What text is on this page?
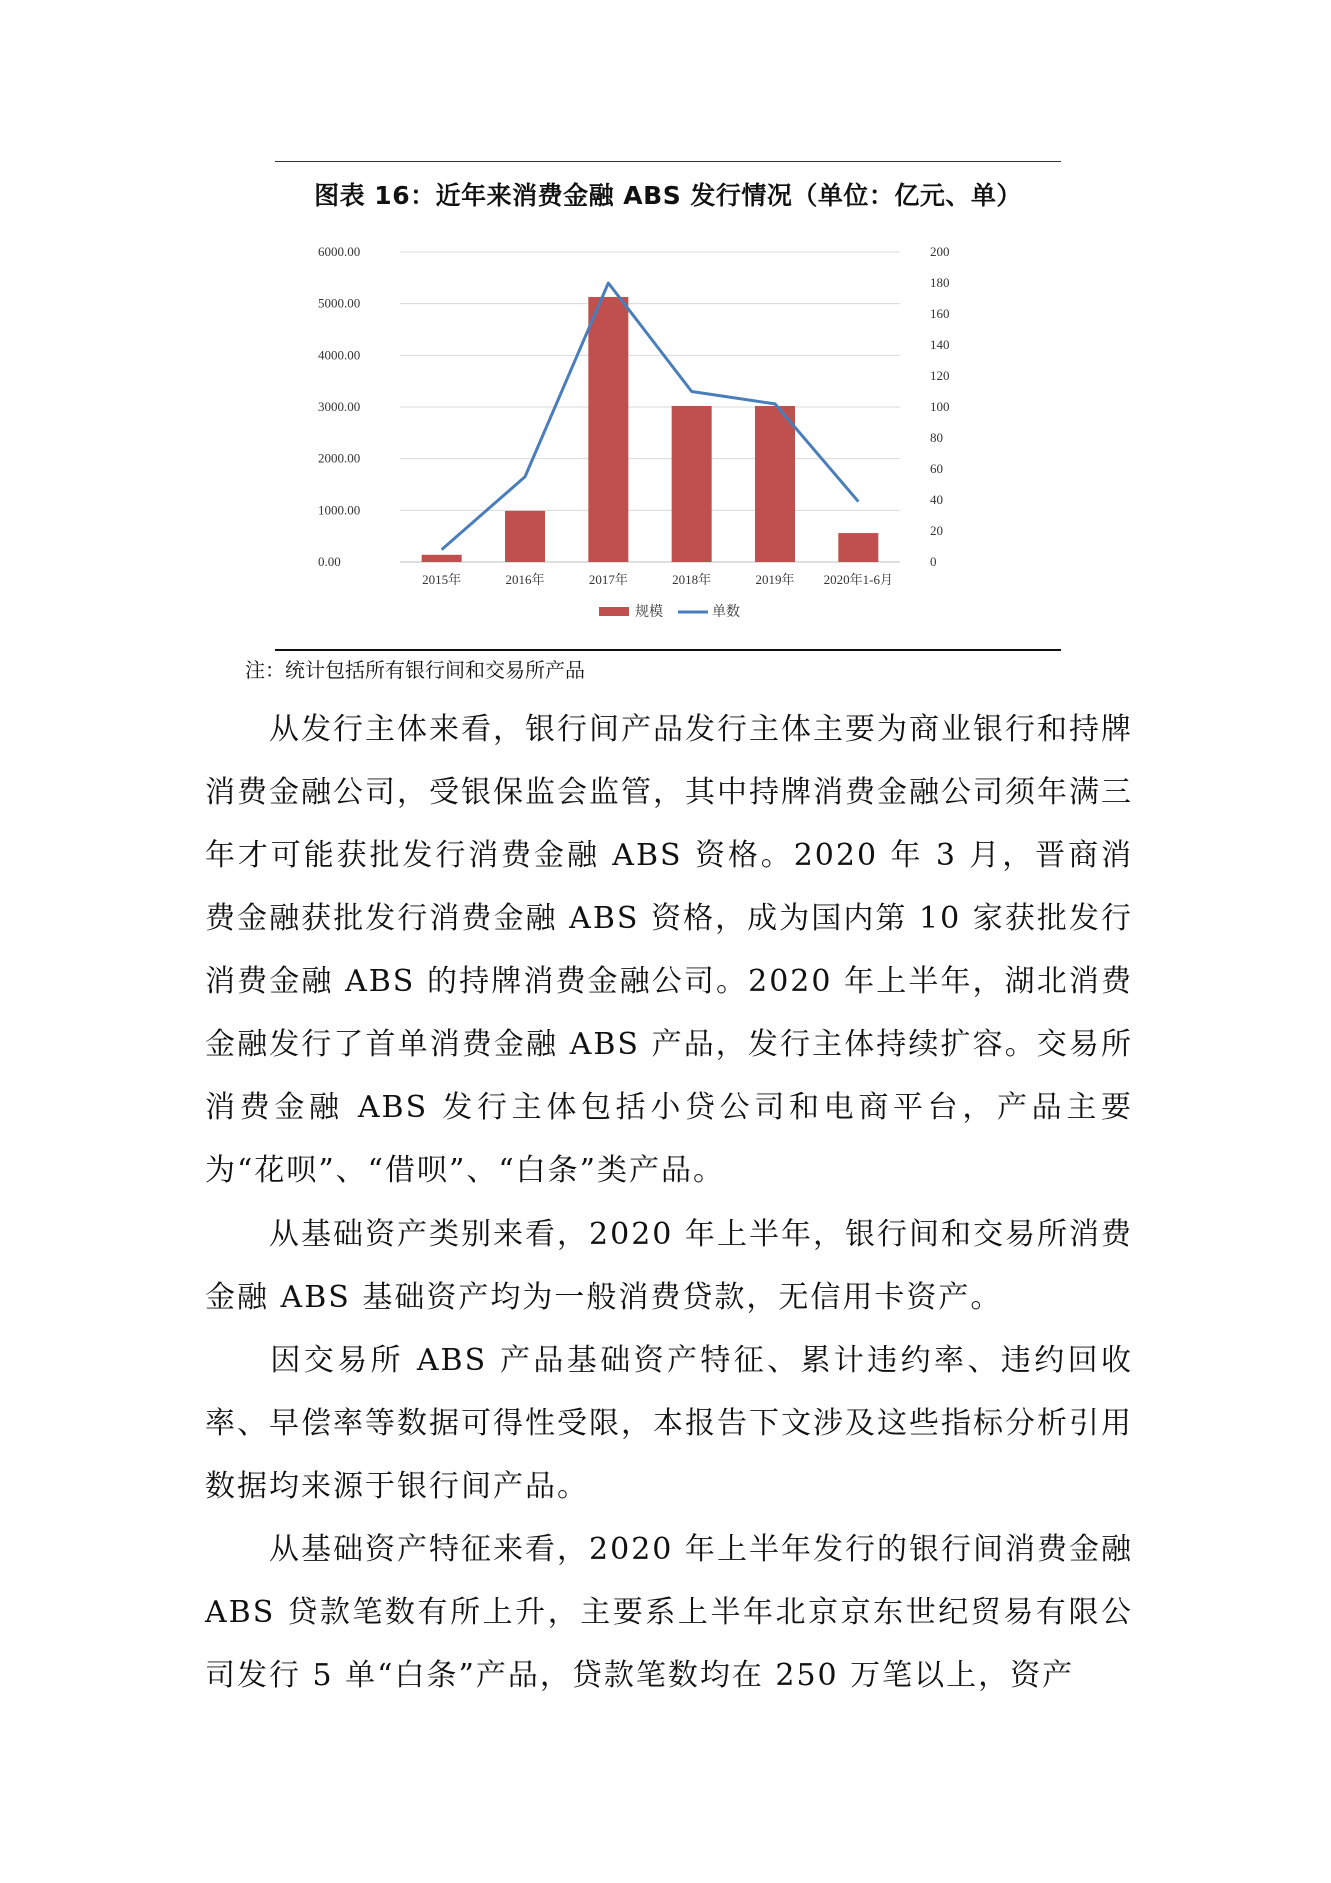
图表 16：近年来消费金融 ABS 发行情况（单位：亿元、单）
0.00
1000.00
2000.00
3000.00
4000.00
5000.00
6000.00
0
20
40
60
80
100
120
140
160
180
200
2015年	2016年	2017年	2018年	2019年 2020年1-6月
规模	单数
注：统计包括所有银行间和交易所产品

从发行主体来看，银行间产品发行主体主要为商业银行和持牌消费金融公司，受银保监会监管，其中持牌消费金融公司须年满三年才可能获批发行消费金融 ABS 资格。2020 年 3 月，晋商消费金融获批发行消费金融 ABS 资格，成为国内第 10 家获批发行消费金融 ABS 的持牌消费金融公司。2020 年上半年，湖北消费金融发行了首单消费金融 ABS 产品，发行主体持续扩容。交易所消费金融 ABS 发行主体包括小贷公司和电商平台，产品主要为“花呗”、“借呗”、“白条”类产品。

从基础资产类别来看，2020 年上半年，银行间和交易所消费金融 ABS 基础资产均为一般消费贷款，无信用卡资产。

因交易所 ABS 产品基础资产特征、累计违约率、违约回收率、早偿率等数据可得性受限，本报告下文涉及这些指标分析引用数据均来源于银行间产品。

从基础资产特征来看，2020 年上半年发行的银行间消费金融 ABS 贷款笔数有所上升，主要系上半年北京京东世纪贸易有限公司发行 5 单“白条”产品，贷款笔数均在 250 万笔以上，资产
